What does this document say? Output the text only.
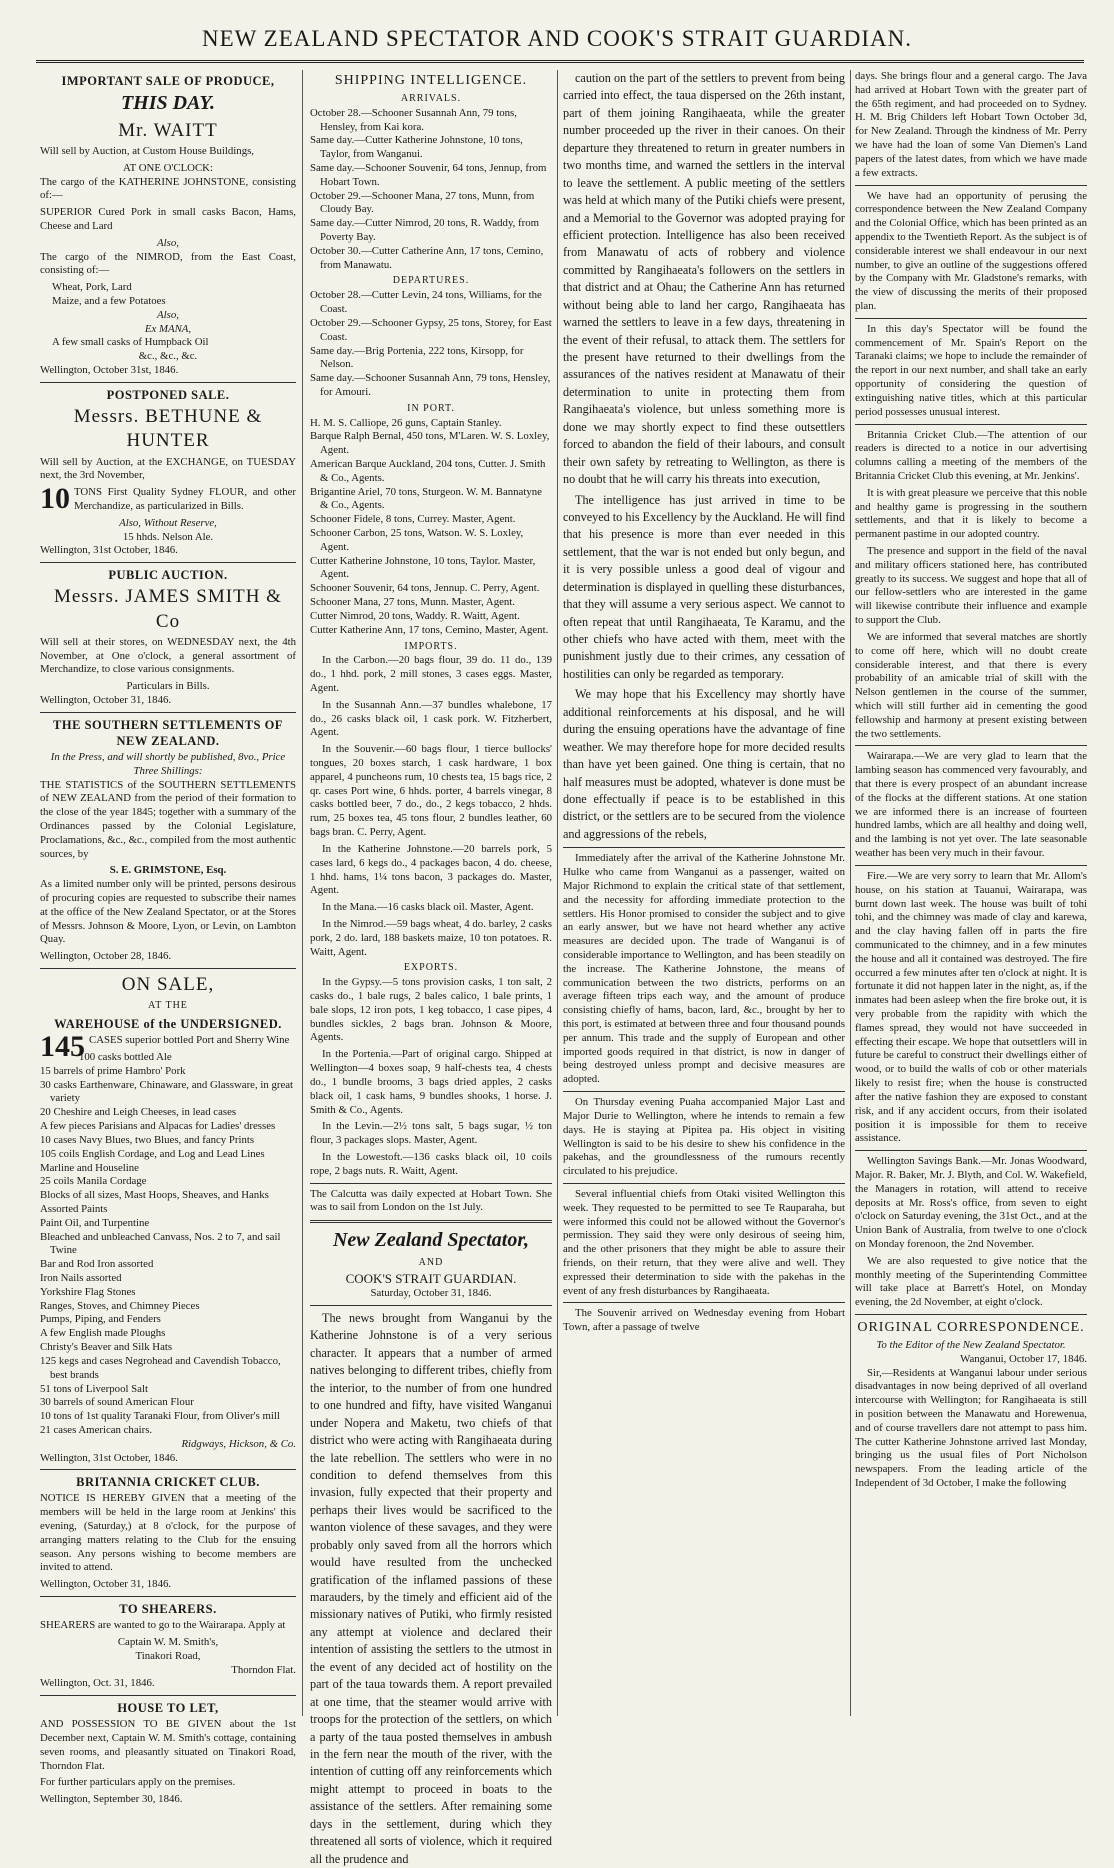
NEW ZEALAND SPECTATOR AND COOK'S STRAIT GUARDIAN.
IMPORTANT SALE OF PRODUCE,
THIS DAY.
Mr. WAITT

Will sell by Auction, at Custom House Buildings,

AT ONE O'CLOCK:

The cargo of the KATHERINE JOHNSTONE, consisting of:—

SUPERIOR Cured Pork in small casks Bacon, Hams, Cheese and Lard

Also,

The cargo of the NIMROD, from the East Coast, consisting of:—

Wheat, Pork, Lard
Maize, and a few Potatoes
Also,
Ex MANA,
A few small casks of Humpback Oil
&c., &c., &c.
Wellington, October 31st, 1846.
POSTPONED SALE.
Messrs. BETHUNE & HUNTER

Will sell by Auction, at the EXCHANGE, on TUESDAY next, the 3rd November,

10 TONS First Quality Sydney FLOUR, and other Merchandize, as particularized in Bills.

Also, Without Reserve,
15 hhds. Nelson Ale.
Wellington, 31st October, 1846.
PUBLIC AUCTION.
Messrs. JAMES SMITH & Co

Will sell at their stores, on WEDNESDAY next, the 4th November, at One o'clock, a general assortment of Merchandize, to close various consignments.

Particulars in Bills.
Wellington, October 31, 1846.
THE SOUTHERN SETTLEMENTS OF NEW ZEALAND.
In the Press, and will shortly be published, 8vo., Price Three Shillings:

THE STATISTICS of the SOUTHERN SETTLEMENTS of NEW ZEALAND from the period of their formation to the close of the year 1845; together with a summary of the Ordinances passed by the Colonial Legislature, Proclamations, &c., &c., compiled from the most authentic sources, by

S. E. GRIMSTONE, Esq.

As a limited number only will be printed, persons desirous of procuring copies are requested to subscribe their names at the office of the New Zealand Spectator, or at the Stores of Messrs. Johnson & Moore, Lyon, or Levin, on Lambton Quay.

Wellington, October 28, 1846.
ON SALE,
AT THE
WAREHOUSE of the UNDERSIGNED.

145 CASES superior bottled Port and Sherry Wine

100 casks bottled Ale
15 barrels of prime Hambro' Pork
30 casks Earthenware, Chinaware, and Glassware, in great variety
20 Cheshire and Leigh Cheeses, in lead cases
A few pieces Parisians and Alpacas for Ladies' dresses
10 cases Navy Blues, two Blues, and fancy Prints
105 coils English Cordage, and Log and Lead Lines
Marline and Houseline
25 coils Manila Cordage
Blocks of all sizes, Mast Hoops, Sheaves, and Hanks
Assorted Paints
Paint Oil, and Turpentine
Bleached and unbleached Canvass, Nos. 2 to 7, and sail Twine
Bar and Rod Iron assorted
Iron Nails assorted
Yorkshire Flag Stones
Ranges, Stoves, and Chimney Pieces
Pumps, Piping, and Fenders
A few English made Ploughs
Christy's Beaver and Silk Hats
125 kegs and cases Negrohead and Cavendish Tobacco, best brands
51 tons of Liverpool Salt
30 barrels of sound American Flour
10 tons of 1st quality Taranaki Flour, from Oliver's mill
21 cases American chairs.
Ridgways, Hickson, & Co.
Wellington, 31st October, 1846.
BRITANNIA CRICKET CLUB.

NOTICE IS HEREBY GIVEN that a meeting of the members will be held in the large room at Jenkins' this evening, (Saturday,) at 8 o'clock, for the purpose of arranging matters relating to the Club for the ensuing season. Any persons wishing to become members are invited to attend.

Wellington, October 31, 1846.
TO SHEARERS.

SHEARERS are wanted to go to the Wairarapa. Apply at

Captain W. M. Smith's,
Tinakori Road,
Thorndon Flat.
Wellington, Oct. 31, 1846.
HOUSE TO LET,

AND POSSESSION TO BE GIVEN about the 1st December next, Captain W. M. Smith's cottage, containing seven rooms, and pleasantly situated on Tinakori Road, Thorndon Flat.

For further particulars apply on the premises.

Wellington, September 30, 1846.
SHIPPING INTELLIGENCE.
ARRIVALS.
October 28.—Schooner Susannah Ann, 79 tons, Hensley, from Kai kora.
Same day.—Cutter Katherine Johnstone, 10 tons, Taylor, from Wanganui.
Same day.—Schooner Souvenir, 64 tons, Jennup, from Hobart Town.
October 29.—Schooner Mana, 27 tons, Munn, from Cloudy Bay.
Same day.—Cutter Nimrod, 20 tons, R. Waddy, from Poverty Bay.
October 30.—Cutter Catherine Ann, 17 tons, Cemino, from Manawatu.
DEPARTURES.
October 28.—Cutter Levin, 24 tons, Williams, for the Coast.
October 29.—Schooner Gypsy, 25 tons, Storey, for East Coast.
Same day.—Brig Portenia, 222 tons, Kirsopp, for Nelson.
Same day.—Schooner Susannah Ann, 79 tons, Hensley, for Amouri.
IN PORT.
H. M. S. Calliope, 26 guns, Captain Stanley.
Barque Ralph Bernal, 450 tons, M'Laren. W. S. Loxley, Agent.
American Barque Auckland, 204 tons, Cutter. J. Smith & Co., Agents.
Brigantine Ariel, 70 tons, Sturgeon. W. M. Bannatyne & Co., Agents.
Schooner Fidele, 8 tons, Currey. Master, Agent.
Schooner Carbon, 25 tons, Watson. W. S. Loxley, Agent.
Cutter Katherine Johnstone, 10 tons, Taylor. Master, Agent.
Schooner Souvenir, 64 tons, Jennup. C. Perry, Agent.
Schooner Mana, 27 tons, Munn. Master, Agent.
Cutter Nimrod, 20 tons, Waddy. R. Waitt, Agent.
Cutter Katherine Ann, 17 tons, Cemino, Master, Agent.
IMPORTS.

In the Carbon.—20 bags flour, 39 do. 11 do., 139 do., 1 hhd. pork, 2 mill stones, 3 cases eggs. Master, Agent.

In the Susannah Ann.—37 bundles whalebone, 17 do., 26 casks black oil, 1 cask pork. W. Fitzherbert, Agent.

In the Souvenir.—60 bags flour, 1 tierce bullocks' tongues, 20 boxes starch, 1 cask hardware, 1 box apparel, 4 puncheons rum, 10 chests tea, 15 bags rice, 2 qr. cases Port wine, 6 hhds. porter, 4 barrels vinegar, 8 casks bottled beer, 7 do., do., 2 kegs tobacco, 2 hhds. rum, 25 boxes tea, 45 tons flour, 2 bundles leather, 60 bags bran. C. Perry, Agent.

In the Katherine Johnstone.—20 barrels pork, 5 cases lard, 6 kegs do., 4 packages bacon, 4 do. cheese, 1 hhd. hams, 1¼ tons bacon, 3 packages do. Master, Agent.

In the Mana.—16 casks black oil. Master, Agent.

In the Nimrod.—59 bags wheat, 4 do. barley, 2 casks pork, 2 do. lard, 188 baskets maize, 10 ton potatoes. R. Waitt, Agent.

EXPORTS.

In the Gypsy.—5 tons provision casks, 1 ton salt, 2 casks do., 1 bale rugs, 2 bales calico, 1 bale prints, 1 bale slops, 12 iron pots, 1 keg tobacco, 1 case pipes, 4 bundles sickles, 2 bags bran. Johnson & Moore, Agents.

In the Portenia.—Part of original cargo. Shipped at Wellington—4 boxes soap, 9 half-chests tea, 4 chests do., 1 bundle brooms, 3 bags dried apples, 2 casks black oil, 1 cask hams, 9 bundles shooks, 1 horse. J. Smith & Co., Agents.

In the Levin.—2½ tons salt, 5 bags sugar, ½ ton flour, 3 packages slops. Master, Agent.

In the Lowestoft.—136 casks black oil, 10 coils rope, 2 bags nuts. R. Waitt, Agent.

The Calcutta was daily expected at Hobart Town. She was to sail from London on the 1st July.

New Zealand Spectator,
AND
COOK'S STRAIT GUARDIAN.
Saturday, October 31, 1846.

The news brought from Wanganui by the Katherine Johnstone is of a very serious character. It appears that a number of armed natives belonging to different tribes, chiefly from the interior, to the number of from one hundred to one hundred and fifty, have visited Wanganui under Nopera and Maketu, two chiefs of that district who were acting with Rangihaeata during the late rebellion. The settlers who were in no condition to defend themselves from this invasion, fully expected that their property and perhaps their lives would be sacrificed to the wanton violence of these savages, and they were probably only saved from all the horrors which would have resulted from the unchecked gratification of the inflamed passions of these marauders, by the timely and efficient aid of the missionary natives of Putiki, who firmly resisted any attempt at violence and declared their intention of assisting the settlers to the utmost in the event of any decided act of hostility on the part of the taua towards them. A report prevailed at one time, that the steamer would arrive with troops for the protection of the settlers, on which a party of the taua posted themselves in ambush in the fern near the mouth of the river, with the intention of cutting off any reinforcements which might attempt to proceed in boats to the assistance of the settlers. After remaining some days in the settlement, during which they threatened all sorts of violence, which it required all the prudence and

caution on the part of the settlers to prevent from being carried into effect, the taua dispersed on the 26th instant, part of them joining Rangihaeata, while the greater number proceeded up the river in their canoes. On their departure they threatened to return in greater numbers in two months time, and warned the settlers in the interval to leave the settlement. A public meeting of the settlers was held at which many of the Putiki chiefs were present, and a Memorial to the Governor was adopted praying for efficient protection. Intelligence has also been received from Manawatu of acts of robbery and violence committed by Rangihaeata's followers on the settlers in that district and at Ohau; the Catherine Ann has returned without being able to land her cargo, Rangihaeata has warned the settlers to leave in a few days, threatening in the event of their refusal, to attack them. The settlers for the present have returned to their dwellings from the assurances of the natives resident at Manawatu of their determination to unite in protecting them from Rangihaeata's violence, but unless something more is done we may shortly expect to find these outsettlers forced to abandon the field of their labours, and consult their own safety by retreating to Wellington, as there is no doubt that he will carry his threats into execution,

The intelligence has just arrived in time to be conveyed to his Excellency by the Auckland. He will find that his presence is more than ever needed in this settlement, that the war is not ended but only begun, and it is very possible unless a good deal of vigour and determination is displayed in quelling these disturbances, that they will assume a very serious aspect. We cannot to often repeat that until Rangihaeata, Te Karamu, and the other chiefs who have acted with them, meet with the punishment justly due to their crimes, any cessation of hostilities can only be regarded as temporary.

We may hope that his Excellency may shortly have additional reinforcements at his disposal, and he will during the ensuing operations have the advantage of fine weather. We may therefore hope for more decided results than have yet been gained. One thing is certain, that no half measures must be adopted, whatever is done must be done effectually if peace is to be established in this district, or the settlers are to be secured from the violence and aggressions of the rebels,

Immediately after the arrival of the Katherine Johnstone Mr. Hulke who came from Wanganui as a passenger, waited on Major Richmond to explain the critical state of that settlement, and the necessity for affording immediate protection to the settlers. His Honor promised to consider the subject and to give an early answer, but we have not heard whether any active measures are decided upon. The trade of Wanganui is of considerable importance to Wellington, and has been steadily on the increase. The Katherine Johnstone, the means of communication between the two districts, performs on an average fifteen trips each way, and the amount of produce consisting chiefly of hams, bacon, lard, &c., brought by her to this port, is estimated at between three and four thousand pounds per annum. This trade and the supply of European and other imported goods required in that district, is now in danger of being destroyed unless prompt and decisive measures are adopted.

On Thursday evening Puaha accompanied Major Last and Major Durie to Wellington, where he intends to remain a few days. He is staying at Pipitea pa. His object in visiting Wellington is said to be his desire to shew his confidence in the pakehas, and the groundlessness of the rumours recently circulated to his prejudice.

Several influential chiefs from Otaki visited Wellington this week. They requested to be permitted to see Te Rauparaha, but were informed this could not be allowed without the Governor's permission. They said they were only desirous of seeing him, and the other prisoners that they might be able to assure their friends, on their return, that they were alive and well. They expressed their determination to side with the pakehas in the event of any fresh disturbances by Rangihaeata.

The Souvenir arrived on Wednesday evening from Hobart Town, after a passage of twelve

days. She brings flour and a general cargo. The Java had arrived at Hobart Town with the greater part of the 65th regiment, and had proceeded on to Sydney. H. M. Brig Childers left Hobart Town October 3d, for New Zealand. Through the kindness of Mr. Perry we have had the loan of some Van Diemen's Land papers of the latest dates, from which we have made a few extracts.

We have had an opportunity of perusing the correspondence between the New Zealand Company and the Colonial Office, which has been printed as an appendix to the Twentieth Report. As the subject is of considerable interest we shall endeavour in our next number, to give an outline of the suggestions offered by the Company with Mr. Gladstone's remarks, with the view of discussing the merits of their proposed plan.

In this day's Spectator will be found the commencement of Mr. Spain's Report on the Taranaki claims; we hope to include the remainder of the report in our next number, and shall take an early opportunity of considering the question of extinguishing native titles, which at this particular period possesses unusual interest.

Britannia Cricket Club.—The attention of our readers is directed to a notice in our advertising columns calling a meeting of the members of the Britannia Cricket Club this evening, at Mr. Jenkins'.

It is with great pleasure we perceive that this noble and healthy game is progressing in the southern settlements, and that it is likely to become a permanent pastime in our adopted country.

The presence and support in the field of the naval and military officers stationed here, has contributed greatly to its success. We suggest and hope that all of our fellow-settlers who are interested in the game will likewise contribute their influence and example to support the Club.

We are informed that several matches are shortly to come off here, which will no doubt create considerable interest, and that there is every probability of an amicable trial of skill with the Nelson gentlemen in the course of the summer, which will still further aid in cementing the good fellowship and harmony at present existing between the two settlements.

Wairarapa.—We are very glad to learn that the lambing season has commenced very favourably, and that there is every prospect of an abundant increase of the flocks at the different stations. At one station we are informed there is an increase of fourteen hundred lambs, which are all healthy and doing well, and the lambing is not yet over. The late seasonable weather has been very much in their favour.

Fire.—We are very sorry to learn that Mr. Allom's house, on his station at Tauanui, Wairarapa, was burnt down last week. The house was built of tohi tohi, and the chimney was made of clay and karewa, and the clay having fallen off in parts the fire communicated to the chimney, and in a few minutes the house and all it contained was destroyed. The fire occurred a few minutes after ten o'clock at night. It is fortunate it did not happen later in the night, as, if the inmates had been asleep when the fire broke out, it is very probable from the rapidity with which the flames spread, they would not have succeeded in effecting their escape. We hope that outsettlers will in future be careful to construct their dwellings either of wood, or to build the walls of cob or other materials likely to resist fire; when the house is constructed after the native fashion they are exposed to constant risk, and if any accident occurs, from their isolated position it is impossible for them to receive assistance.

Wellington Savings Bank.—Mr. Jonas Woodward, Major. R. Baker, Mr. J. Blyth, and Col. W. Wakefield, the Managers in rotation, will attend to receive deposits at Mr. Ross's office, from seven to eight o'clock on Saturday evening, the 31st Oct., and at the Union Bank of Australia, from twelve to one o'clock on Monday forenoon, the 2nd November.

We are also requested to give notice that the monthly meeting of the Superintending Committee will take place at Barrett's Hotel, on Monday evening, the 2d November, at eight o'clock.

ORIGINAL CORRESPONDENCE.
To the Editor of the New Zealand Spectator.
Wanganui, October 17, 1846.

Sir,—Residents at Wanganui labour under serious disadvantages in now being deprived of all overland intercourse with Wellington; for Rangihaeata is still in position between the Manawatu and Horewenua, and of course travellers dare not attempt to pass him. The cutter Katherine Johnstone arrived last Monday, bringing us the usual files of Port Nicholson newspapers. From the leading article of the Independent of 3d October, I make the following
